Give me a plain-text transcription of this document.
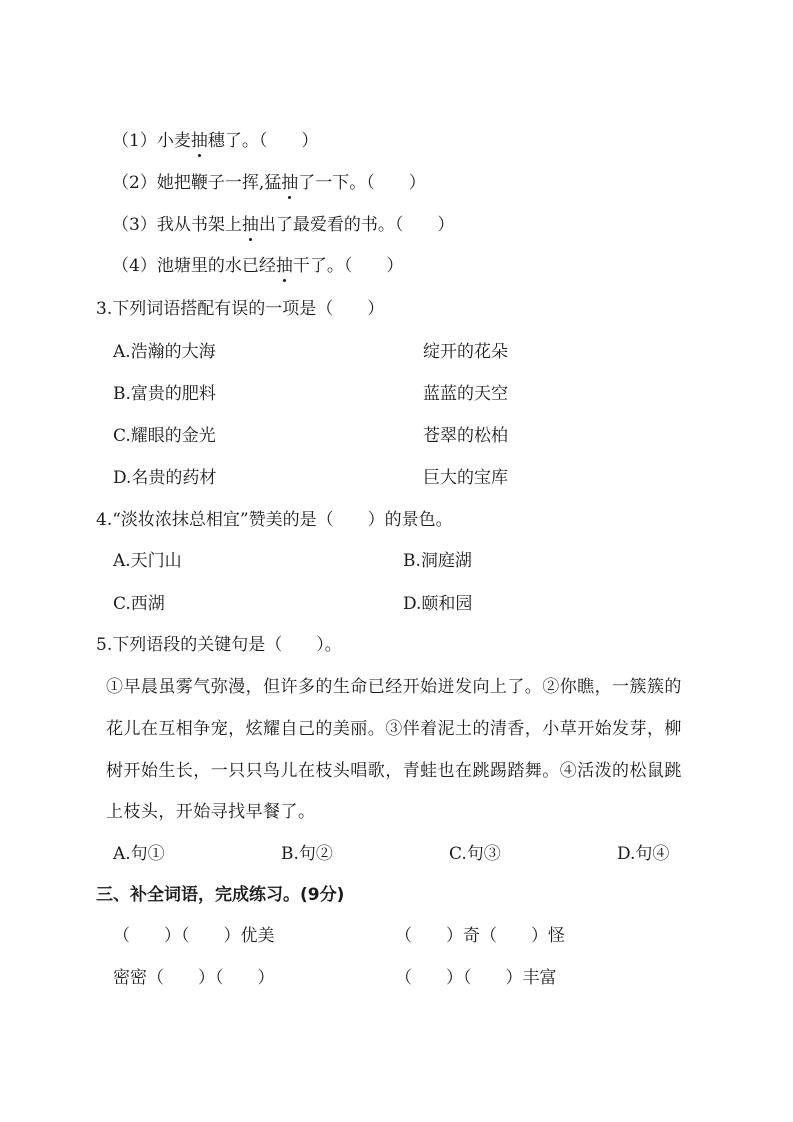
（1）小麦抽穗了。（　　）
（2）她把鞭子一挥,猛抽了一下。（　　）
（3）我从书架上抽出了最爱看的书。（　　）
（4）池塘里的水已经抽干了。（　　）
3.下列词语搭配有误的一项是（　　）
A.浩瀚的大海	绽开的花朵
B.富贵的肥料	蓝蓝的天空
C.耀眼的金光	苍翠的松柏
D.名贵的药材	巨大的宝库
4.“淡妆浓抹总相宜”赞美的是（　　）的景色。
A.天门山	B.洞庭湖
C.西湖	D.颐和园
5.下列语段的关键句是（　　）。
①早晨虽雾气弥漫，但许多的生命已经开始迸发向上了。②你瞧，一簇簇的
花儿在互相争宠，炫耀自己的美丽。③伴着泥土的清香，小草开始发芽，柳
树开始生长，一只只鸟儿在枝头唱歌，青蛙也在跳踢踏舞。④活泼的松鼠跳
上枝头，开始寻找早餐了。
A.句①	B.句②	C.句③	D.句④
三、补全词语，完成练习。(9分)
（　　）（　　）优美	（　　）奇（　　）怪
密密（　　）（　　）	（　　）（　　）丰富
